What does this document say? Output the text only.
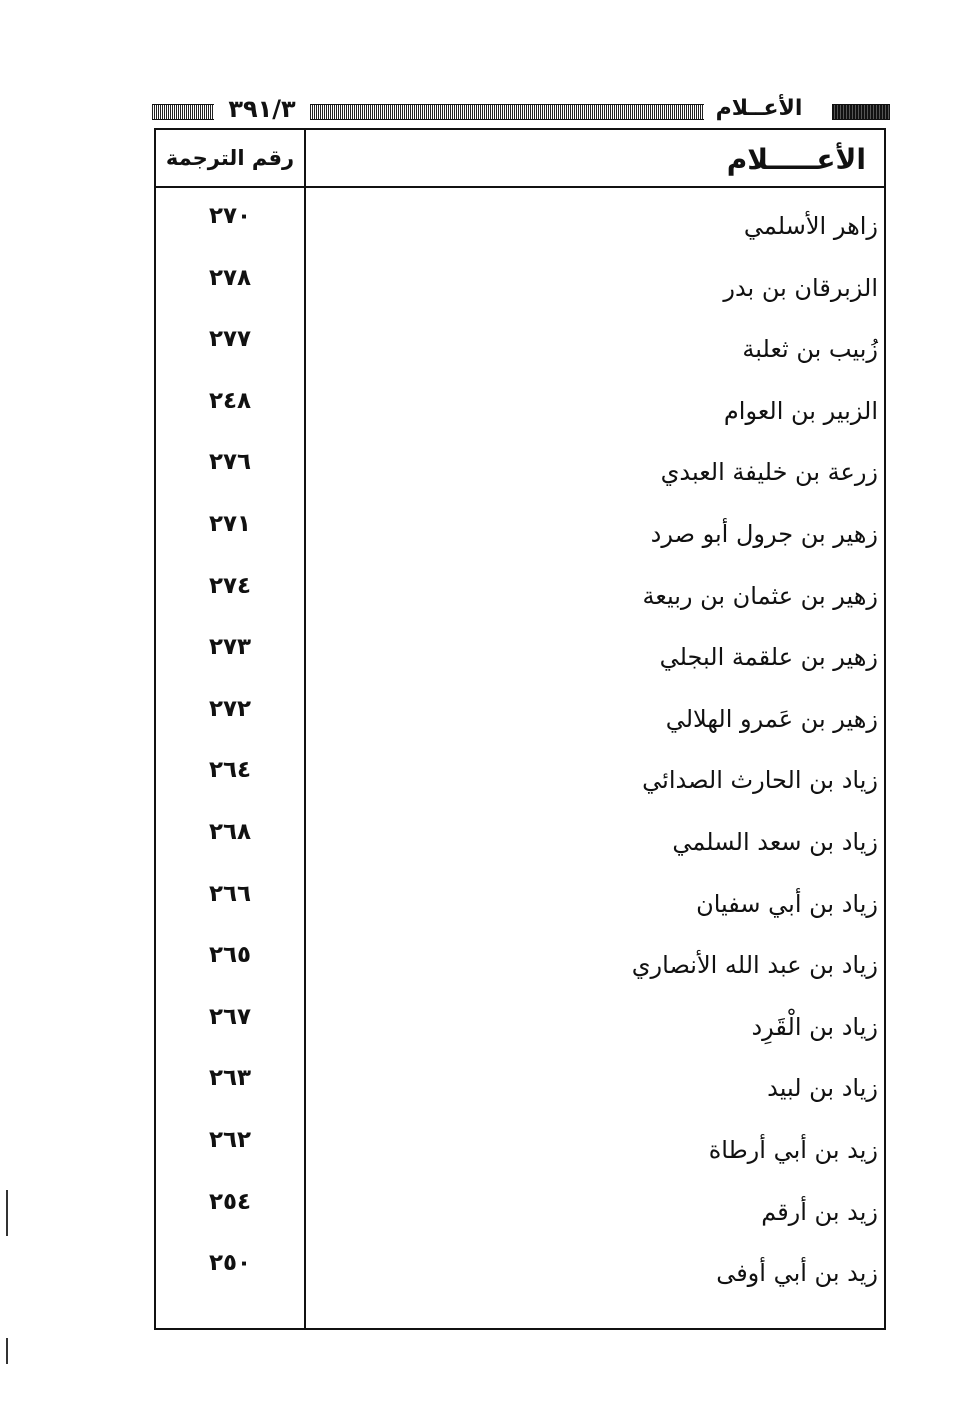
٣٩١/٣	الأعــلام
رقم الترجمة	الأعـــــلام
٢٧٠	زاهر الأسلمي
٢٧٨	الزبرقان بن بدر
٢٧٧	زُبيب بن ثعلبة
٢٤٨	الزبير بن العوام
٢٧٦	زرعة بن خليفة العبدي
٢٧١	زهير بن جرول أبو صرد
٢٧٤	زهير بن عثمان بن ربيعة
٢٧٣	زهير بن علقمة البجلي
٢٧٢	زهير بن عَمرو الهلالي
٢٦٤	زياد بن الحارث الصدائي
٢٦٨	زياد بن سعد السلمي
٢٦٦	زياد بن أبي سفيان
٢٦٥	زياد بن عبد الله الأنصاري
٢٦٧	زياد بن الْقَرِد
٢٦٣	زياد بن لبيد
٢٦٢	زيد بن أبي أرطاة
٢٥٤	زيد بن أرقم
٢٥٠	زيد بن أبي أوفى
